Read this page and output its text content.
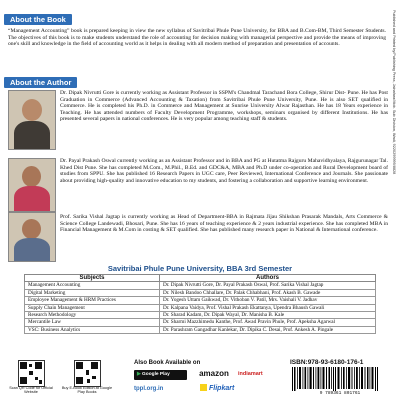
About the Book
“Management Accounting” book is prepared keeping in view the new syllabus of Savitribai Phule Pune University, for BBA and B.Com-BM, Third Semester Students. The objectives of this book is to make students understand the role of accounting for decision making with managerial perspective and provide the means of improving one's skill and knowledge in the field of accounting world as it helps in dealing with all modern method of preparation and presentation of accounts.
About the Author
Dr. Dipak Nivrutti Gore is currently working as Assistant Professor in SSPM's Chandmal Tarachand Bora College, Shirur Dist- Pune. He has Post Graduation in Commerce (Advanced Accounting & Taxation) from Savitribai Phule Pune University, Pune. He is also SET qualified in Commerce. He is completed his Ph.D. in Commerce and Management at Sunrise University Alwar Rajasthan. He has 18 Years experience in Teaching. He has attended numbers of Faculty Development Programme, workshops, seminars organised by different Institutions. He has presented several papers in national conferences. He is very popular among teaching staff & students.
Dr. Payal Prakash Oswal currently working as an Assistant Professor and in BBA and PG at Hutatma Rajguru Mahavidhyalaya, Rajgurunagar Tal. Khed Dist Pune. She has completed M.Com., M.Phil., B.Ed. and GDC&A, MBA and Ph.D under co-operation and Rural Development board of studies from SPPU. She has published 16 Research Papers in UGC care, Peer Reviewed, International Conference and Journals. She passionate about providing high-quality and innovative education to my students, and fostering a collaboration and supportive learning environment.
Prof. Sarika Vishal Jagtap is currently working as Head of Department-BBA in Rajmata Jijau Shikshan Prasarak Mandals, Arts Commerce & Science College Landewadi, Bhosari, Pune. She has 16 years of teaching experience & 2 years industrial experience. She has completed MBA in Financial Management & M.Com in costing & SET qualified. She has published many research paper in National & International conference.
Savitribai Phule Pune University, BBA 3rd Semester
Subjects	Authors
Management Accounting	Dr. Dipak Nivrutti Gore, Dr. Payal Prakash Oswal, Prof. Sarika Vishal Jagtap
Digital Marketing	Dr. Nilesh Bandoo Chhallare, Dr. Palak Chhabhani, Prof. Akash B. Gawade
Employee Management & HRM Practices	Dr. Yogesh Uttam Gaikwad, Dr. Vithoban V. Patil, Mrs. Vaishali V. Jadhav
Supply Chain Management	Dr. Kalpana Vaidya, Prof. Vishal Prakash Ekattanya, Upendra Bhaush Gawali
Research Methodology	Dr. Sharad Kadam, Dr. Dipak Wayal, Dr. Manisha B. Kale
Mercantile Law	Dr. Sharmi Mazzhimedu Kanthe, Prof. Awad Pravin Phule, Prof. Apeksha Agarwal
VSC: Business Analytics	Dr. Parashram Gangadhar Kanlekar, Dr. Dipika C. Desai, Prof. Ankesh A. Pingale
Published and Printed by/Publishing Press, Jalnafara/Mob. Sub Division, Wadi, 9220299999/8828
Scan QR Code for Official Website
Buy E-Book Edition at Google Play Books
Also Book Available on
▶ Google Play	amazon	indiamart
tppl.org.in	Flipkart
ISBN:978-93-6180-176-1
9 789361 801761
